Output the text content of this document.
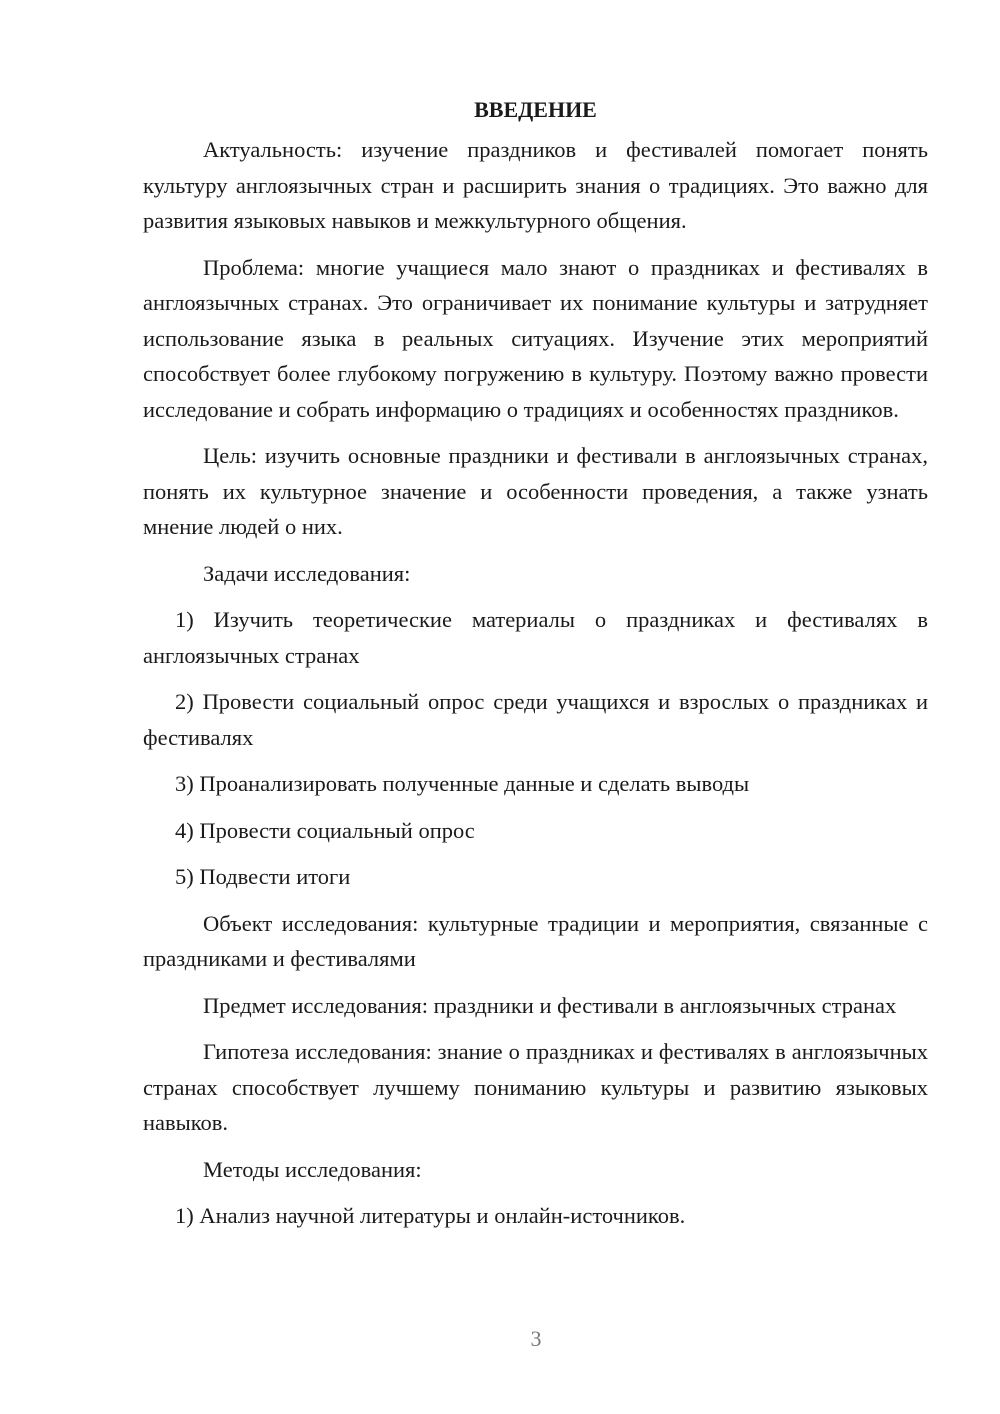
ВВЕДЕНИЕ

Актуальность: изучение праздников и фестивалей помогает понять культуру англоязычных стран и расширить знания о традициях. Это важно для развития языковых навыков и межкультурного общения.

Проблема: многие учащиеся мало знают о праздниках и фестивалях в англоязычных странах. Это ограничивает их понимание культуры и затрудняет использование языка в реальных ситуациях. Изучение этих мероприятий способствует более глубокому погружению в культуру. Поэтому важно провести исследование и собрать информацию о традициях и особенностях праздников.

Цель: изучить основные праздники и фестивали в англоязычных странах, понять их культурное значение и особенности проведения, а также узнать мнение людей о них.

Задачи исследования:

1) Изучить теоретические материалы о праздниках и фестивалях в англоязычных странах

2) Провести социальный опрос среди учащихся и взрослых о праздниках и фестивалях

3) Проанализировать полученные данные и сделать выводы

4) Провести социальный опрос

5) Подвести итоги

Объект исследования: культурные традиции и мероприятия, связанные с праздниками и фестивалями

Предмет исследования: праздники и фестивали в англоязычных странах

Гипотеза исследования: знание о праздниках и фестивалях в англоязычных странах способствует лучшему пониманию культуры и развитию языковых навыков.

Методы исследования:

1) Анализ научной литературы и онлайн-источников.

3
